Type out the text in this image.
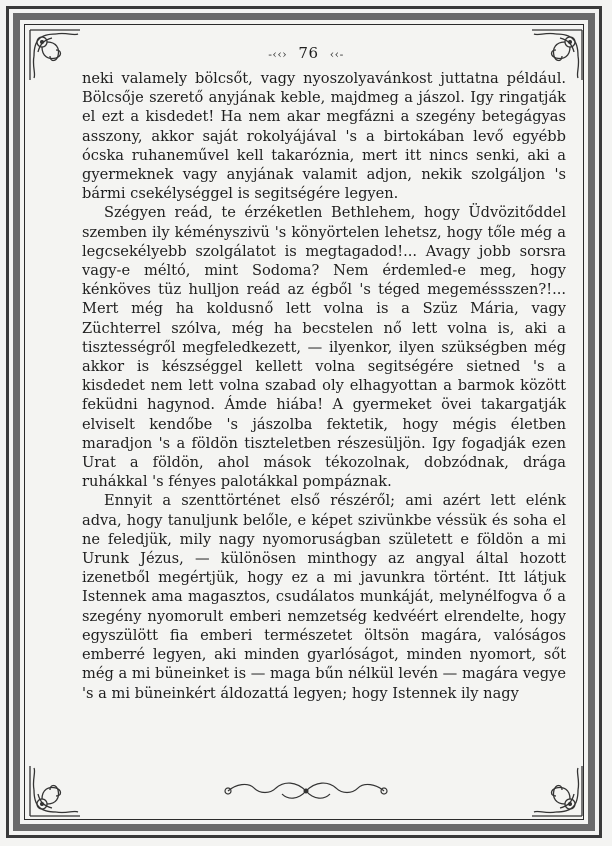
-‹‹› 76 ‹‹-

neki valamely bölcsőt, vagy nyoszolyavánkost juttatna például. Bölcsője szerető anyjának keble, majdmeg a jászol. Igy ringatják el ezt a kisdedet! Ha nem akar megfázni a szegény betegágyas asszony, akkor saját rokolyájával 's a birtokában levő egyébb ócska ruhaneművel kell takaróznia, mert itt nincs senki, aki a gyermeknek vagy anyjának valamit adjon, nekik szolgáljon 's bármi csekélységgel is segitségére legyen.

Szégyen reád, te érzéketlen Bethlehem, hogy Üdvözitőddel szemben ily kéményszivü 's könyörtelen lehetsz, hogy tőle még a legcsekélyebb szolgálatot is megtagadod!... Avagy jobb sorsra vagy-e méltó, mint Sodoma? Nem érdemled-e meg, hogy kénköves tüz hulljon reád az égből 's téged megeméssszen?!... Mert még ha koldusnő lett volna is a Szüz Mária, vagy Züchterrel szólva, még ha becstelen nő lett volna is, aki a tisztességről megfeledkezett, — ilyenkor, ilyen szükségben még akkor is készséggel kellett volna segitségére sietned 's a kisdedet nem lett volna szabad oly elhagyottan a barmok között feküdni hagynod. Ámde hiába! A gyermeket övei takargatják elviselt kendőbe 's jászolba fektetik, hogy mégis életben maradjon 's a földön tiszteletben részesüljön. Igy fogadják ezen Urat a földön, ahol mások tékozolnak, dobzódnak, drága ruhákkal 's fényes palotákkal pompáznak.

Ennyit a szenttörténet első részéről; ami azért lett elénk adva, hogy tanuljunk belőle, e képet szivünkbe véssük és soha el ne feledjük, mily nagy nyomoruságban született e földön a mi Urunk Jézus, — különösen minthogy az angyal által hozott izenetből megértjük, hogy ez a mi javunkra történt. Itt látjuk Istennek ama magasztos, csudálatos munkáját, melynélfogva ő a szegény nyomorult emberi nemzetség kedvéért elrendelte, hogy egyszülött fia emberi természetet öltsön magára, valóságos emberré legyen, aki minden gyarlóságot, minden nyomort, sőt még a mi büneinket is — maga bűn nélkül levén — magára vegye 's a mi büneinkért áldozattá legyen; hogy Istennek ily nagy
